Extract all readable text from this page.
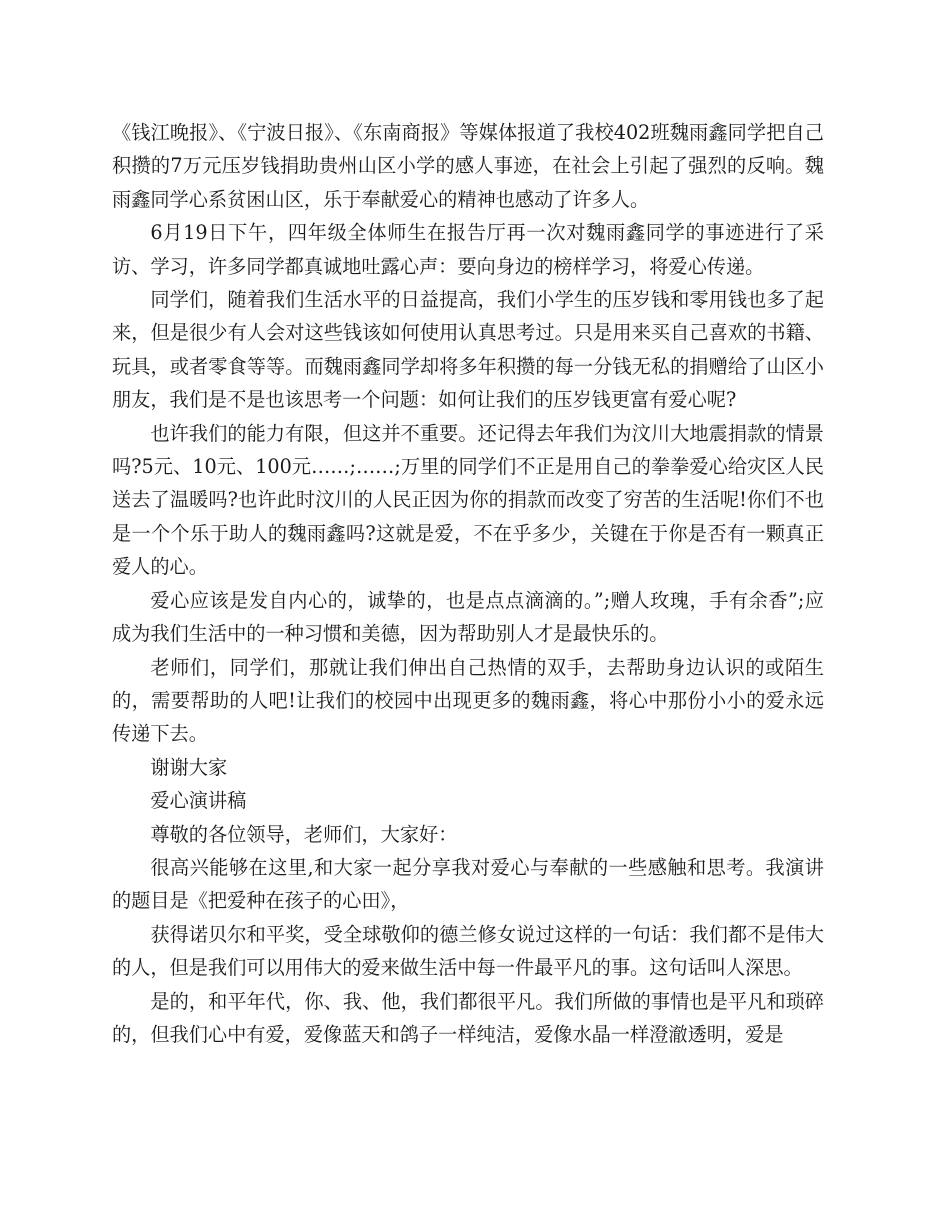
《钱江晚报》、《宁波日报》、《东南商报》等媒体报道了我校402班魏雨鑫同学把自己积攒的7万元压岁钱捐助贵州山区小学的感人事迹，在社会上引起了强烈的反响。魏雨鑫同学心系贫困山区，乐于奉献爱心的精神也感动了许多人。

6月19日下午，四年级全体师生在报告厅再一次对魏雨鑫同学的事迹进行了采访、学习，许多同学都真诚地吐露心声：要向身边的榜样学习，将爱心传递。

同学们，随着我们生活水平的日益提高，我们小学生的压岁钱和零用钱也多了起来，但是很少有人会对这些钱该如何使用认真思考过。只是用来买自己喜欢的书籍、玩具，或者零食等等。而魏雨鑫同学却将多年积攒的每一分钱无私的捐赠给了山区小朋友，我们是不是也该思考一个问题：如何让我们的压岁钱更富有爱心呢?

也许我们的能力有限，但这并不重要。还记得去年我们为汶川大地震捐款的情景吗?5元、10元、100元……;……;万里的同学们不正是用自己的拳拳爱心给灾区人民送去了温暖吗?也许此时汶川的人民正因为你的捐款而改变了穷苦的生活呢!你们不也是一个个乐于助人的魏雨鑫吗?这就是爱，不在乎多少，关键在于你是否有一颗真正爱人的心。

爱心应该是发自内心的，诚挚的，也是点点滴滴的。”;赠人玫瑰，手有余香”;应成为我们生活中的一种习惯和美德，因为帮助别人才是最快乐的。

老师们，同学们，那就让我们伸出自己热情的双手，去帮助身边认识的或陌生的，需要帮助的人吧!让我们的校园中出现更多的魏雨鑫，将心中那份小小的爱永远传递下去。

谢谢大家

爱心演讲稿

尊敬的各位领导，老师们，大家好：

很高兴能够在这里,和大家一起分享我对爱心与奉献的一些感触和思考。我演讲的题目是《把爱种在孩子的心田》，

获得诺贝尔和平奖，受全球敬仰的德兰修女说过这样的一句话：我们都不是伟大的人，但是我们可以用伟大的爱来做生活中每一件最平凡的事。这句话叫人深思。

是的，和平年代，你、我、他，我们都很平凡。我们所做的事情也是平凡和琐碎的，但我们心中有爱，爱像蓝天和鸽子一样纯洁，爱像水晶一样澄澈透明，爱是
